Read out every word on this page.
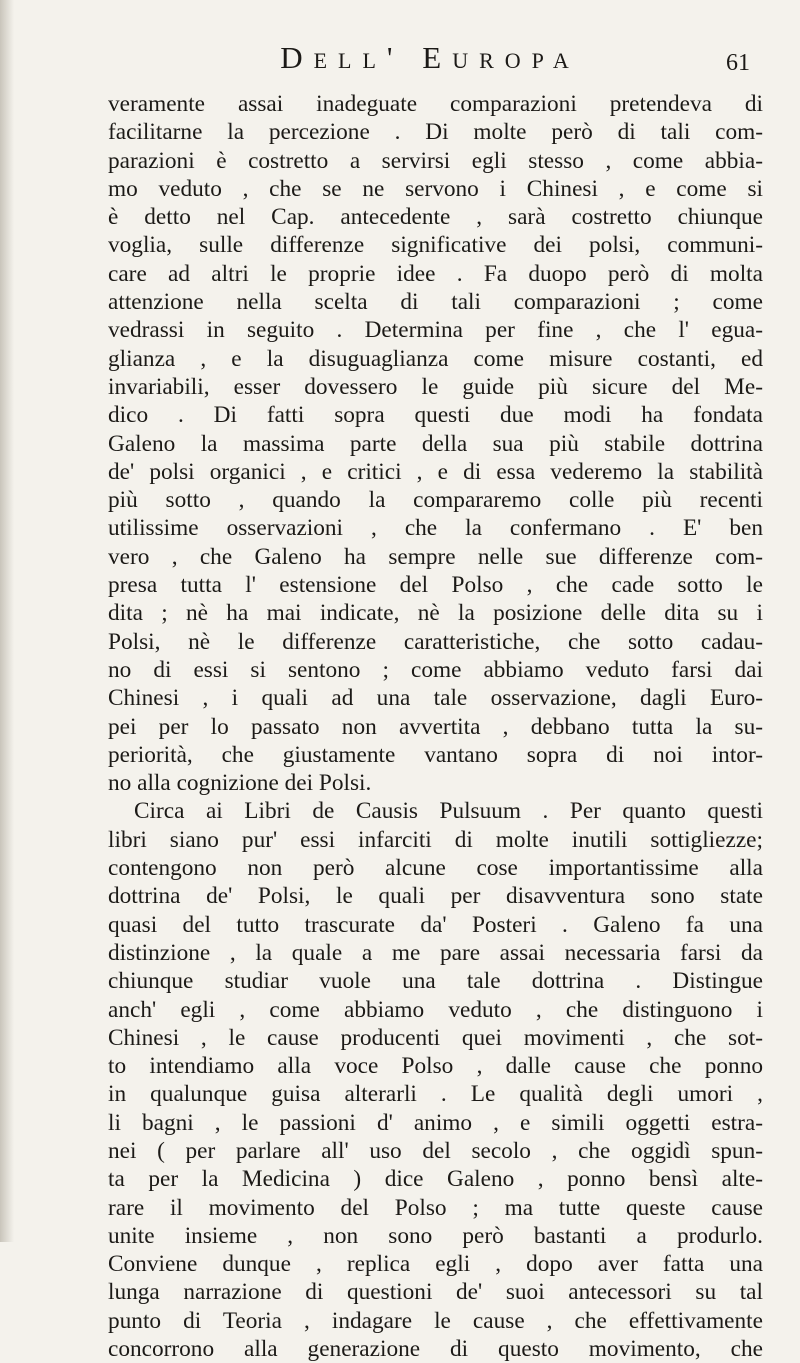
Dell' Europa	61
veramente assai inadeguate comparazioni pretendeva di
facilitarne la percezione . Di molte però di tali com-
parazioni è costretto a servirsi egli stesso , come abbia-
mo veduto , che se ne servono i Chinesi , e come si
è detto nel Cap. antecedente , sarà costretto chiunque
voglia, sulle differenze significative dei polsi, communi-
care ad altri le proprie idee . Fa duopo però di molta
attenzione nella scelta di tali comparazioni ; come
vedrassi in seguito . Determina per fine , che l' egua-
glianza , e la disuguaglianza come misure costanti, ed
invariabili, esser dovessero le guide più sicure del Me-
dico . Di fatti sopra questi due modi ha fondata
Galeno la massima parte della sua più stabile dottrina
de' polsi organici , e critici , e di essa vederemo la stabilità
più sotto , quando la compararemo colle più recenti
utilissime osservazioni , che la confermano . E' ben
vero , che Galeno ha sempre nelle sue differenze com-
presa tutta l' estensione del Polso , che cade sotto le
dita ; nè ha mai indicate, nè la posizione delle dita su i
Polsi, nè le differenze caratteristiche, che sotto cadau-
no di essi si sentono ; come abbiamo veduto farsi dai
Chinesi , i quali ad una tale osservazione, dagli Euro-
pei per lo passato non avvertita , debbano tutta la su-
periorità, che giustamente vantano sopra di noi intor-
no alla cognizione dei Polsi.
Circa ai Libri de Causis Pulsuum . Per quanto questi
libri siano pur' essi infarciti di molte inutili sottigliezze;
contengono non però alcune cose importantissime alla
dottrina de' Polsi, le quali per disavventura sono state
quasi del tutto trascurate da' Posteri . Galeno fa una
distinzione , la quale a me pare assai necessaria farsi da
chiunque studiar vuole una tale dottrina . Distingue
anch' egli , come abbiamo veduto , che distinguono i
Chinesi , le cause producenti quei movimenti , che sot-
to intendiamo alla voce Polso , dalle cause che ponno
in qualunque guisa alterarli . Le qualità degli umori ,
li bagni , le passioni d' animo , e simili oggetti estra-
nei ( per parlare all' uso del secolo , che oggidì spun-
ta per la Medicina ) dice Galeno , ponno bensì alte-
rare il movimento del Polso ; ma tutte queste cause
unite insieme , non sono però bastanti a produrlo.
Conviene dunque , replica egli , dopo aver fatta una
lunga narrazione di questioni de' suoi antecessori su tal
punto di Teoria , indagare le cause , che effettivamente
concorrono alla generazione di questo movimento, che
